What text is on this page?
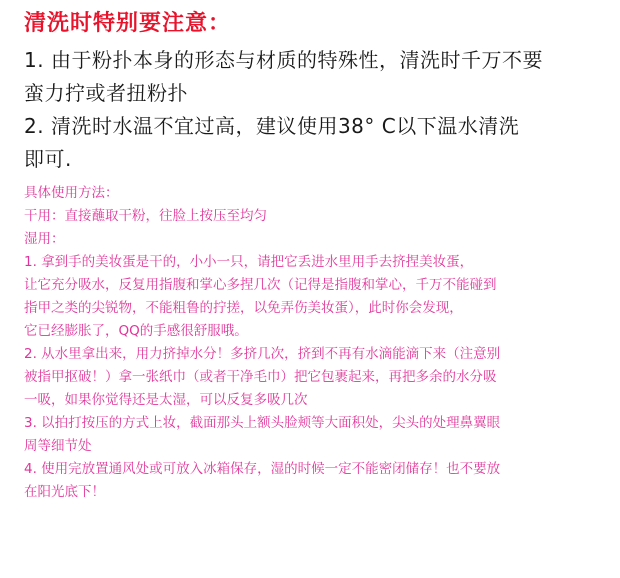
清洗时特别要注意：

1. 由于粉扑本身的形态与材质的特殊性，清洗时千万不要

蛮力拧或者扭粉扑

2. 清洗时水温不宜过高，建议使用38° C以下温水清洗

即可.

具体使用方法：

干用：直接蘸取干粉，往脸上按压至均匀

湿用：

1. 拿到手的美妆蛋是干的，小小一只，请把它丢进水里用手去挤捏美妆蛋，

让它充分吸水，反复用指腹和掌心多捏几次（记得是指腹和掌心，千万不能碰到

指甲之类的尖锐物，不能粗鲁的拧搓，以免弄伤美妆蛋），此时你会发现，

它已经膨胀了，QQ的手感很舒服哦。

2. 从水里拿出来，用力挤掉水分！多挤几次，挤到不再有水滴能滴下来（注意别

被指甲抠破！）拿一张纸巾（或者干净毛巾）把它包裹起来，再把多余的水分吸

一吸，如果你觉得还是太湿，可以反复多吸几次

3. 以拍打按压的方式上妆，截面那头上额头脸颊等大面积处，尖头的处理鼻翼眼

周等细节处

4. 使用完放置通风处或可放入冰箱保存，湿的时候一定不能密闭储存！也不要放

在阳光底下！
